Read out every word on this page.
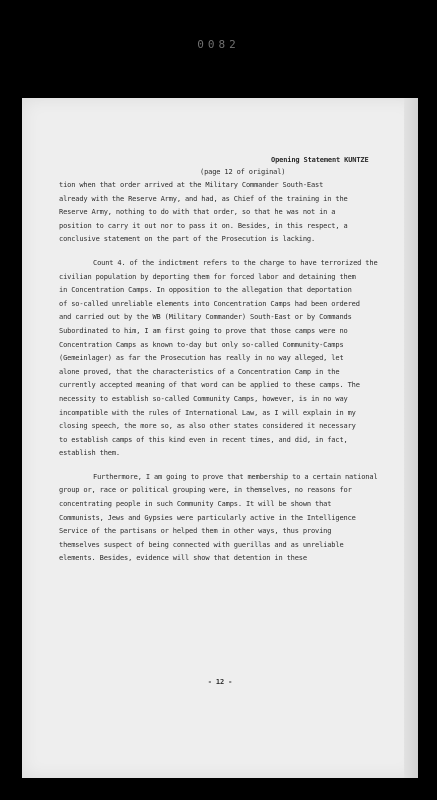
0082
Opening Statement KUNTZE
(page 12 of original)
tion when that order arrived at the Military Commander South-East
already with the Reserve Army, and had, as Chief of the training in the
Reserve Army, nothing to do with that order, so that he was not in a
position to carry it out nor to pass it on. Besides, in this respect, a
conclusive statement on the part of the Prosecution is lacking.
Count 4. of the indictment refers to the charge to have terrorized the
civilian population by deporting them for forced labor and detaining them
in Concentration Camps. In opposition to the allegation that deportation
of so-called unreliable elements into Concentration Camps had been ordered
and carried out by the WB (Military Commander) South-East or by Commands
Subordinated to him, I am first going to prove that those camps were no
Concentration Camps as known to-day but only so-called Community-Camps
(Gemeinlager) as far the Prosecution has really in no way alleged, let
alone proved, that the characteristics of a Concentration Camp in the
currently accepted meaning of that word can be applied to these camps. The
necessity to establish so-called Community Camps, however, is in no way
incompatible with the rules of International Law, as I will explain in my
closing speech, the more so, as also other states considered it necessary
to establish camps of this kind even in recent times, and did, in fact,
establish them.
Furthermore, I am going to prove that membership to a certain national
group or, race or political grouping were, in themselves, no reasons for
concentrating people in such Community Camps. It will be shown that
Communists, Jews and Gypsies were particularly active in the Intelligence
Service of the partisans or helped them in other ways, thus proving
themselves suspect of being connected with guerillas and as unreliable
elements. Besides, evidence will show that detention in these
- 12 -
